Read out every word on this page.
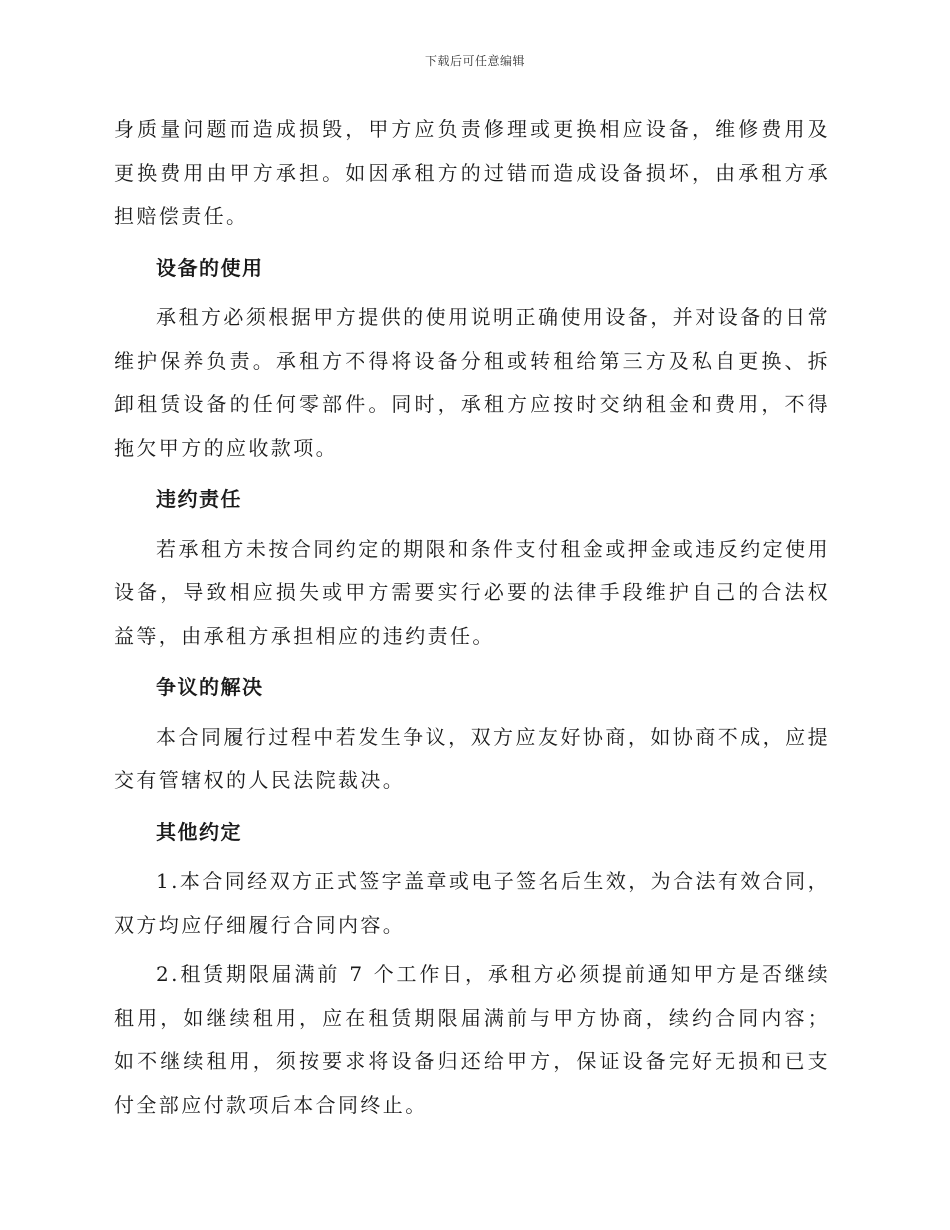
下载后可任意编辑

身质量问题而造成损毁，甲方应负责修理或更换相应设备，维修费用及更换费用由甲方承担。如因承租方的过错而造成设备损坏，由承租方承担赔偿责任。

设备的使用

承租方必须根据甲方提供的使用说明正确使用设备，并对设备的日常维护保养负责。承租方不得将设备分租或转租给第三方及私自更换、拆卸租赁设备的任何零部件。同时，承租方应按时交纳租金和费用，不得拖欠甲方的应收款项。

违约责任

若承租方未按合同约定的期限和条件支付租金或押金或违反约定使用设备，导致相应损失或甲方需要实行必要的法律手段维护自己的合法权益等，由承租方承担相应的违约责任。

争议的解决

本合同履行过程中若发生争议，双方应友好协商，如协商不成，应提交有管辖权的人民法院裁决。

其他约定

1.本合同经双方正式签字盖章或电子签名后生效，为合法有效合同，双方均应仔细履行合同内容。

2.租赁期限届满前 7 个工作日，承租方必须提前通知甲方是否继续租用，如继续租用，应在租赁期限届满前与甲方协商，续约合同内容；如不继续租用，须按要求将设备归还给甲方，保证设备完好无损和已支付全部应付款项后本合同终止。
